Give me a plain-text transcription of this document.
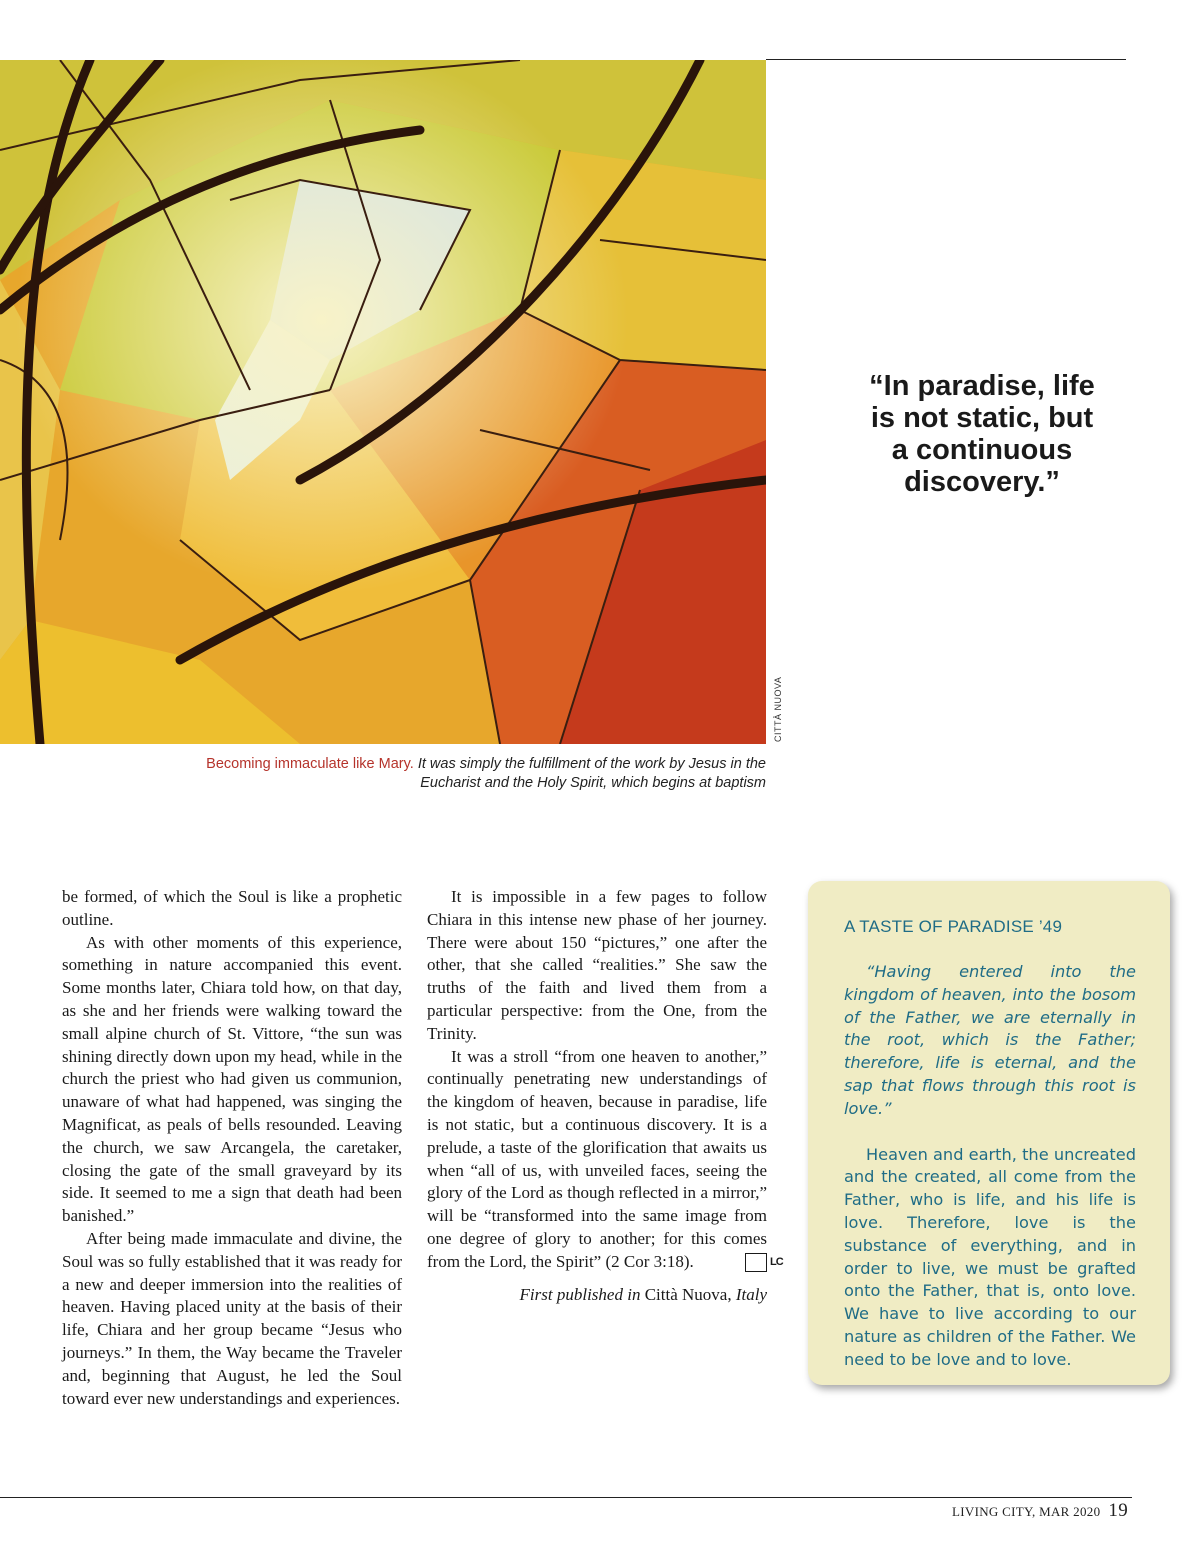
CITTÀ NUOVA
Becoming immaculate like Mary. It was simply the fulfillment of the work by Jesus in the Eucharist and the Holy Spirit, which begins at baptism
“In paradise, life is not static, but a continuous discovery.”

be formed, of which the Soul is like a prophetic outline.

As with other moments of this experience, something in nature accompanied this event. Some months later, Chiara told how, on that day, as she and her friends were walking toward the small alpine church of St. Vittore, “the sun was shining directly down upon my head, while in the church the priest who had given us communion, unaware of what had happened, was singing the Magnificat, as peals of bells resounded. Leaving the church, we saw Arcangela, the caretaker, closing the gate of the small graveyard by its side. It seemed to me a sign that death had been banished.”

After being made immaculate and divine, the Soul was so fully established that it was ready for a new and deeper immersion into the realities of heaven. Having placed unity at the basis of their life, Chiara and her group became “Jesus who journeys.” In them, the Way became the Traveler and, beginning that August, he led the Soul toward ever new understandings and experiences.

It is impossible in a few pages to follow Chiara in this intense new phase of her journey. There were about 150 “pictures,” one after the other, that she called “realities.” She saw the truths of the faith and lived them from a particular perspective: from the One, from the Trinity.

It was a stroll “from one heaven to another,” continually penetrating new understandings of the kingdom of heaven, because in paradise, life is not static, but a continuous discovery. It is a prelude, a taste of the glorification that awaits us when “all of us, with unveiled faces, seeing the glory of the Lord as though reflected in a mirror,” will be “transformed into the same image from one degree of glory to another; for this comes from the Lord, the Spirit” (2 Cor 3:18).	LC

First published in Città Nuova, Italy

A TASTE OF PARADISE ’49

“Having entered into the kingdom of heaven, into the bosom of the Father, we are eternally in the root, which is the Father; therefore, life is eternal, and the sap that flows through this root is love.”

Heaven and earth, the uncreated and the created, all come from the Father, who is life, and his life is love. Therefore, love is the substance of everything, and in order to live, we must be grafted onto the Father, that is, onto love. We have to live according to our nature as children of the Father. We need to be love and to love.

LIVING CITY, MAR 2020 19
